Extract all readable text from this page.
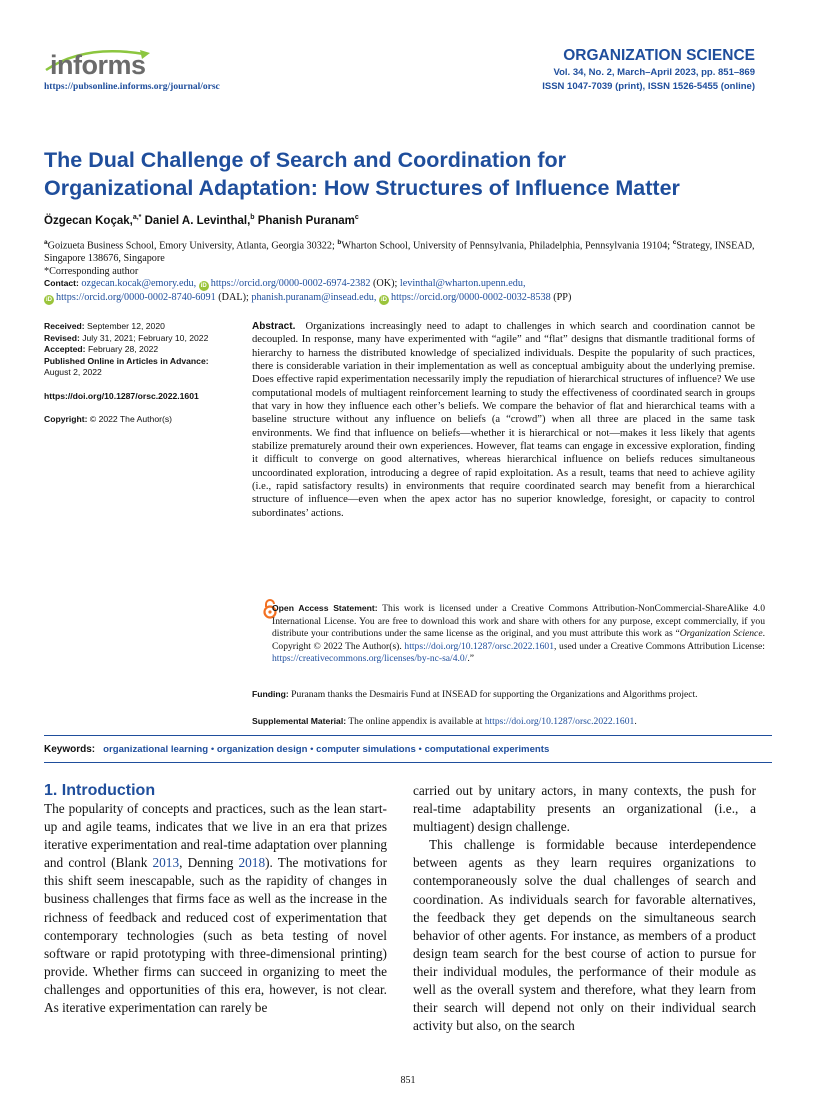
informs
https://pubsonline.informs.org/journal/orsc
ORGANIZATION SCIENCE
Vol. 34, No. 2, March–April 2023, pp. 851–869
ISSN 1047-7039 (print), ISSN 1526-5455 (online)
The Dual Challenge of Search and Coordination for
Organizational Adaptation: How Structures of Influence Matter
Özgecan Koçak,$^{a,*}$ Daniel A. Levinthal,$^b$ Phanish Puranam$^c$
$^a$Goizueta Business School, Emory University, Atlanta, Georgia 30322; $^b$Wharton School, University of Pennsylvania, Philadelphia, Pennsylvania 19104; $^c$Strategy, INSEAD, Singapore 138676, Singapore
*Corresponding author
Contact: ozgecan.kocak@emory.edu, iD https://orcid.org/0000-0002-6974-2382 (OK); levinthal@wharton.upenn.edu,
iD https://orcid.org/0000-0002-8740-6091 (DAL); phanish.puranam@insead.edu, iD https://orcid.org/0000-0002-0032-8538 (PP)
Received: September 12, 2020
Revised: July 31, 2021; February 10, 2022
Accepted: February 28, 2022
Published Online in Articles in Advance:
August 2, 2022
https://doi.org/10.1287/orsc.2022.1601
Copyright: © 2022 The Author(s)
Abstract. Organizations increasingly need to adapt to challenges in which search and coordination cannot be decoupled. In response, many have experimented with “agile” and “flat” designs that dismantle traditional forms of hierarchy to harness the distributed knowledge of specialized individuals. Despite the popularity of such practices, there is considerable variation in their implementation as well as conceptual ambiguity about the underlying premise. Does effective rapid experimentation necessarily imply the repudiation of hierarchical structures of influence? We use computational models of multiagent reinforcement learning to study the effectiveness of coordinated search in groups that vary in how they influence each other’s beliefs. We compare the behavior of flat and hierarchical teams with a baseline structure without any influence on beliefs (a “crowd”) when all three are placed in the same task environments. We find that influence on beliefs—whether it is hierarchical or not—makes it less likely that agents stabilize prematurely around their own experiences. However, flat teams can engage in excessive exploration, finding it difficult to converge on good alternatives, whereas hierarchical influence on beliefs reduces simultaneous uncoordinated exploration, introducing a degree of rapid exploitation. As a result, teams that need to achieve agility (i.e., rapid satisfactory results) in environments that require coordinated search may benefit from a hierarchical structure of influence—even when the apex actor has no superior knowledge, foresight, or capacity to control subordinates’ actions.
Open Access Statement: This work is licensed under a Creative Commons Attribution-NonCommercial-ShareAlike 4.0 International License. You are free to download this work and share with others for any purpose, except commercially, if you distribute your contributions under the same license as the original, and you must attribute this work as “Organization Science. Copyright © 2022 The Author(s). https://doi.org/10.1287/orsc.2022.1601, used under a Creative Commons Attribution License: https://creativecommons.org/licenses/by-nc-sa/4.0/.”
Funding: Puranam thanks the Desmairis Fund at INSEAD for supporting the Organizations and Algorithms project.
Supplemental Material: The online appendix is available at https://doi.org/10.1287/orsc.2022.1601.
Keywords: organizational learning • organization design • computer simulations • computational experiments
1. Introduction
The popularity of concepts and practices, such as the lean start-up and agile teams, indicates that we live in an era that prizes iterative experimentation and real-time adaptation over planning and control (Blank 2013, Denning 2018). The motivations for this shift seem inescapable, such as the rapidity of changes in business challenges that firms face as well as the increase in the richness of feedback and reduced cost of experimentation that contemporary technologies (such as beta testing of novel software or rapid prototyping with three-dimensional printing) provide. Whether firms can succeed in organizing to meet the challenges and opportunities of this era, however, is not clear. As iterative experimentation can rarely be
carried out by unitary actors, in many contexts, the push for real-time adaptability presents an organizational (i.e., a multiagent) design challenge.
This challenge is formidable because interdependence between agents as they learn requires organizations to contemporaneously solve the dual challenges of search and coordination. As individuals search for favorable alternatives, the feedback they get depends on the simultaneous search behavior of other agents. For instance, as members of a product design team search for the best course of action to pursue for their individual modules, the performance of their module as well as the overall system and therefore, what they learn from their search will depend not only on their individual search activity but also, on the search
851
